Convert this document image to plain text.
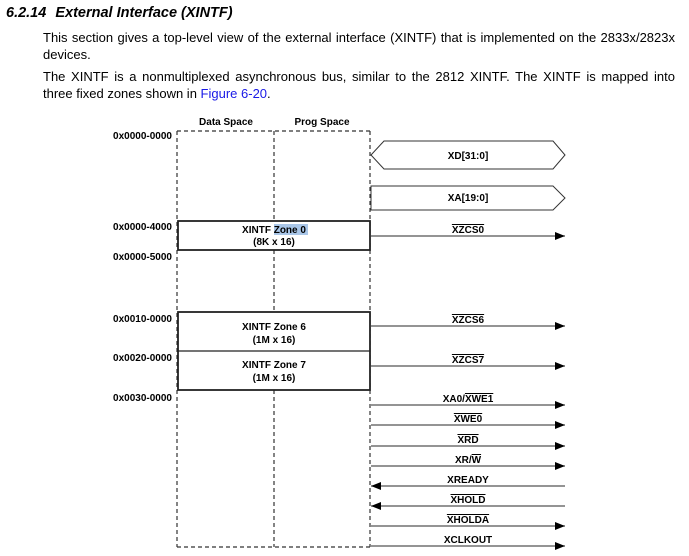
6.2.14 External Interface (XINTF)
This section gives a top-level view of the external interface (XINTF) that is implemented on the 2833x/2823x devices.
The XINTF is a nonmultiplexed asynchronous bus, similar to the 2812 XINTF. The XINTF is mapped into three fixed zones shown in Figure 6-20.
Data Space	Prog Space
0x0000-0000
0x0000-4000
0x0000-5000
0x0010-0000
0x0020-0000
0x0030-0000
XINTF Zone 0
(8K x 16)
XINTF Zone 6
(1M x 16)
XINTF Zone 7
(1M x 16)
XD[31:0]
XA[19:0]
XZCS0
XZCS6
XZCS7
XA0/XWE1
XWE0
XRD
XR/W
XREADY
XHOLD
XHOLDA
XCLKOUT
